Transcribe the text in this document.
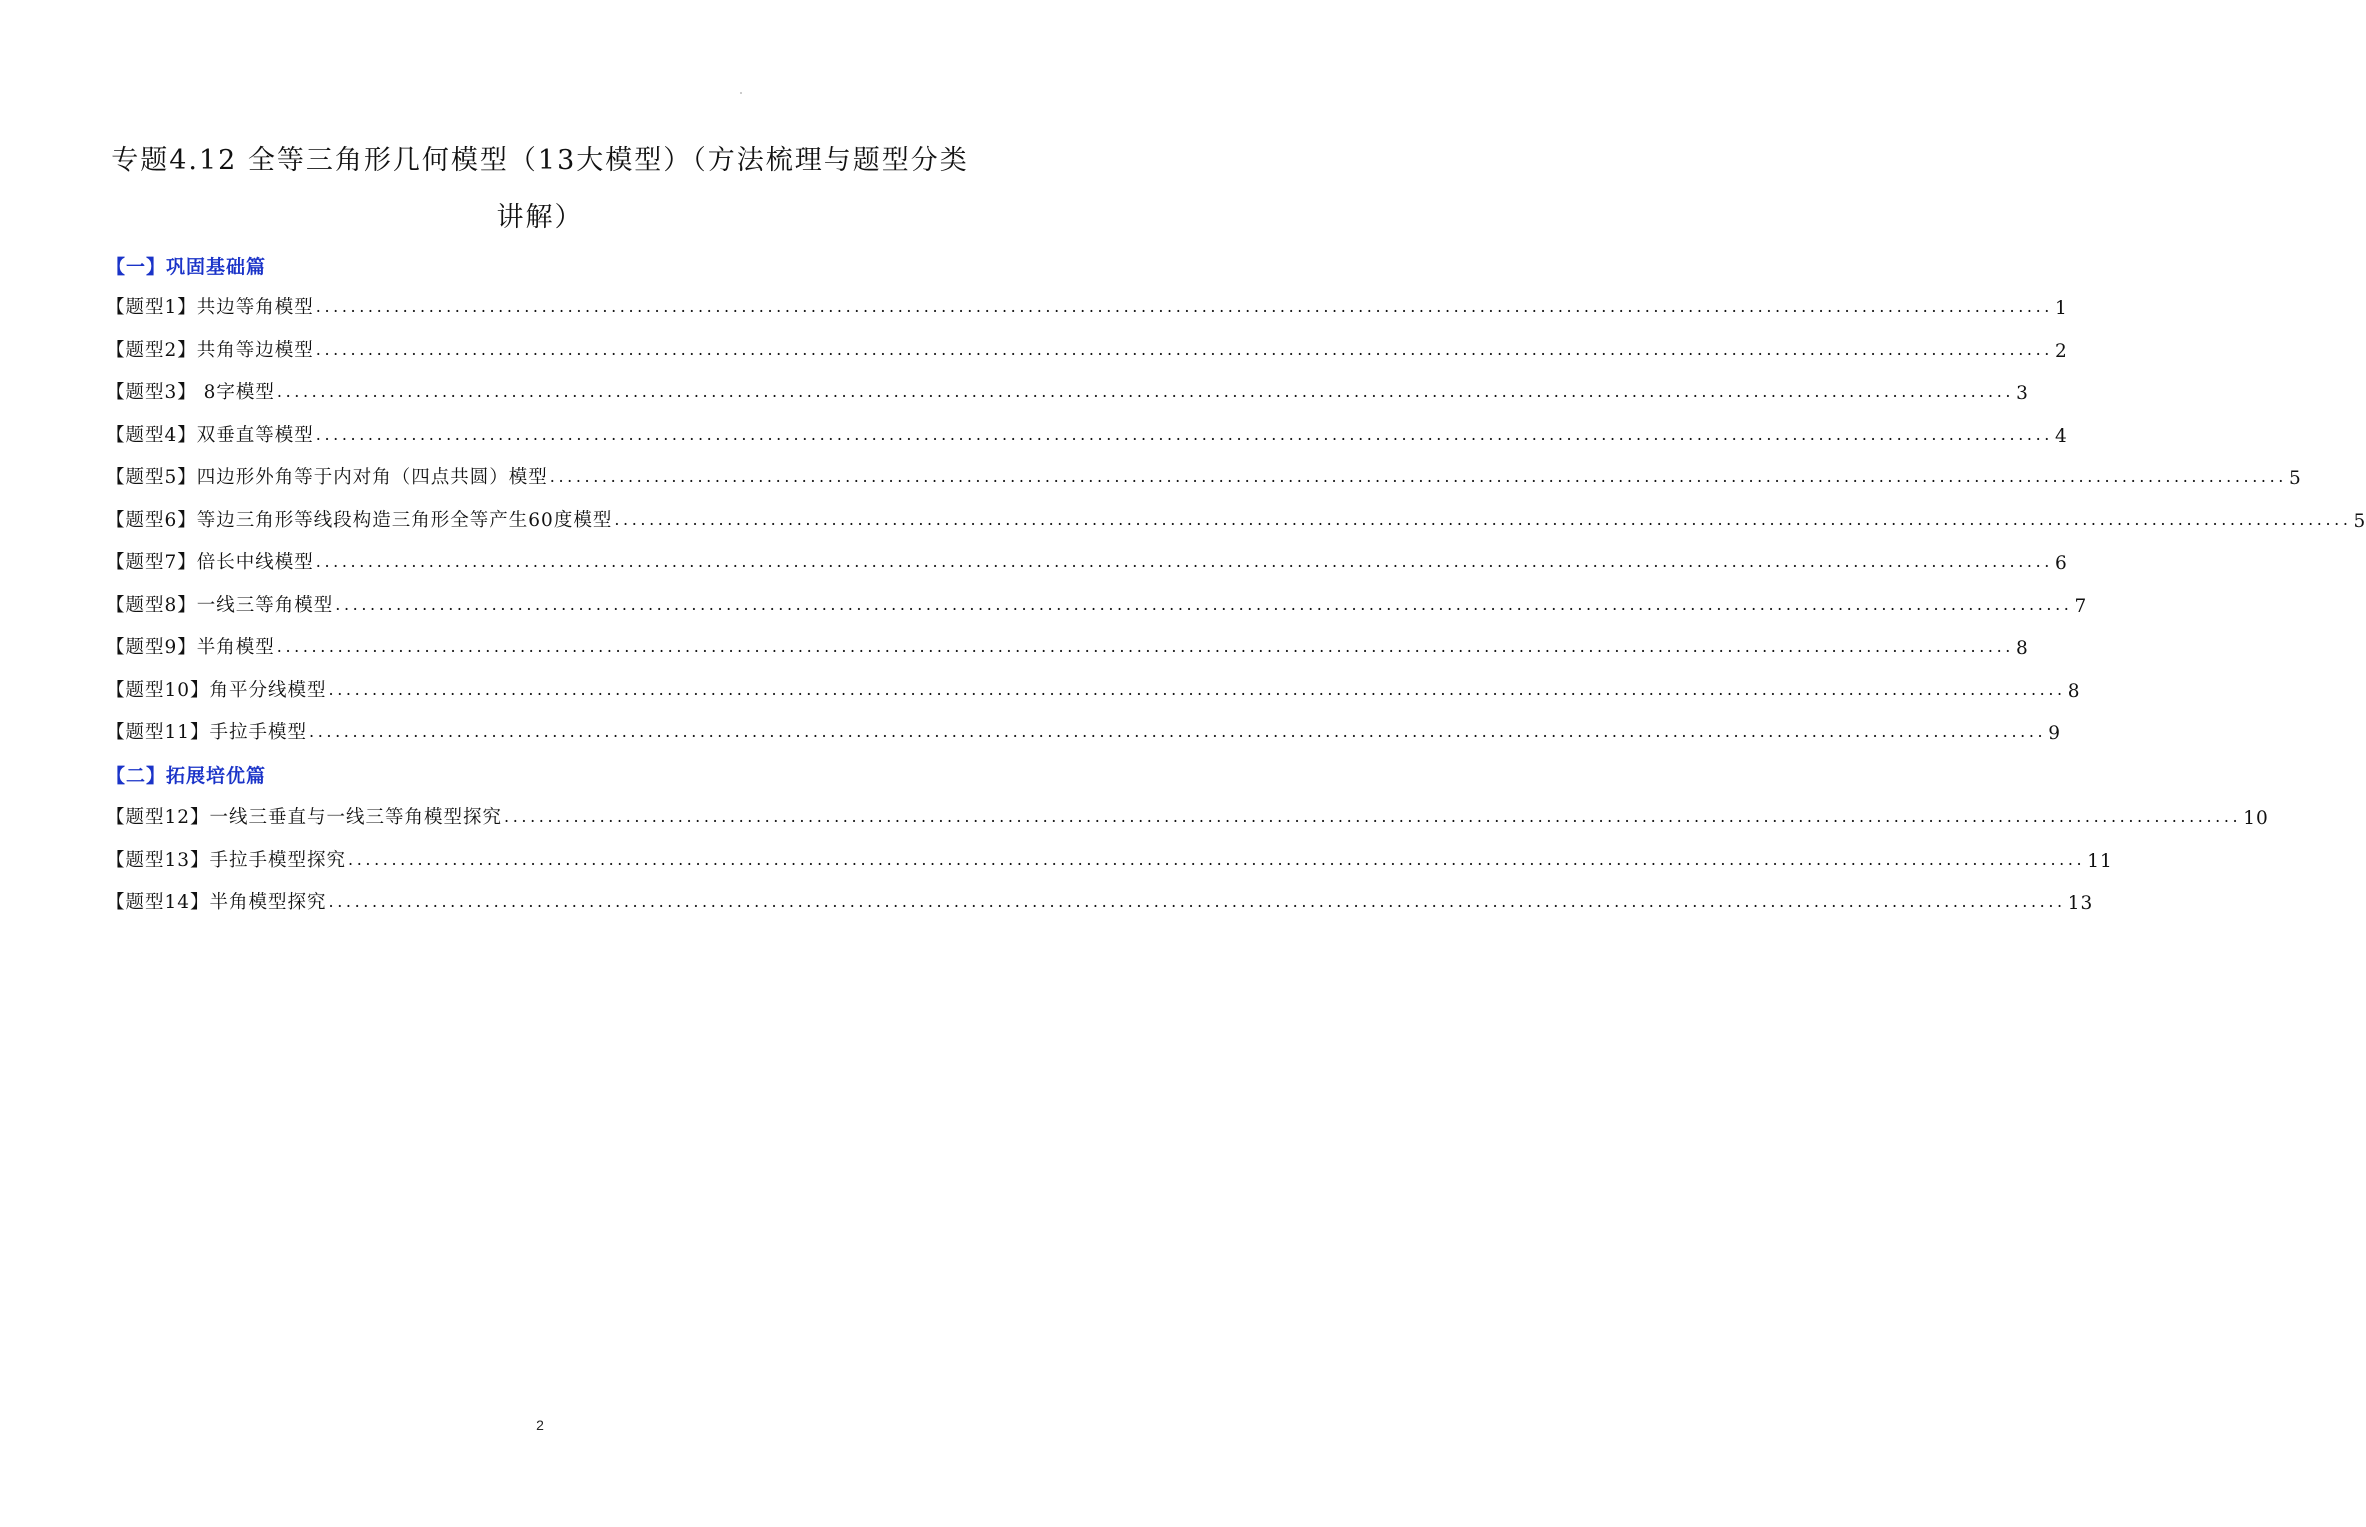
专题4.12 全等三角形几何模型（13大模型）（方法梳理与题型分类
讲解）
【一】巩固基础篇
【题型1】共边等角模型 ........................................................................................................................................................................................................ 1
【题型2】共角等边模型 ........................................................................................................................................................................................................ 2
【题型3】 8字模型 ........................................................................................................................................................................................................ 3
【题型4】双垂直等模型 ........................................................................................................................................................................................................ 4
【题型5】四边形外角等于内对角（四点共圆）模型 ........................................................................................................................................................................................................ 5
【题型6】等边三角形等线段构造三角形全等产生60度模型 ........................................................................................................................................................................................................ 5
【题型7】倍长中线模型 ........................................................................................................................................................................................................ 6
【题型8】一线三等角模型 ........................................................................................................................................................................................................ 7
【题型9】半角模型 ........................................................................................................................................................................................................ 8
【题型10】角平分线模型 ........................................................................................................................................................................................................ 8
【题型11】手拉手模型 ........................................................................................................................................................................................................ 9
【二】拓展培优篇
【题型12】一线三垂直与一线三等角模型探究 ........................................................................................................................................................................................................ 10
【题型13】手拉手模型探究 ........................................................................................................................................................................................................ 11
【题型14】半角模型探究 ........................................................................................................................................................................................................ 13
2
